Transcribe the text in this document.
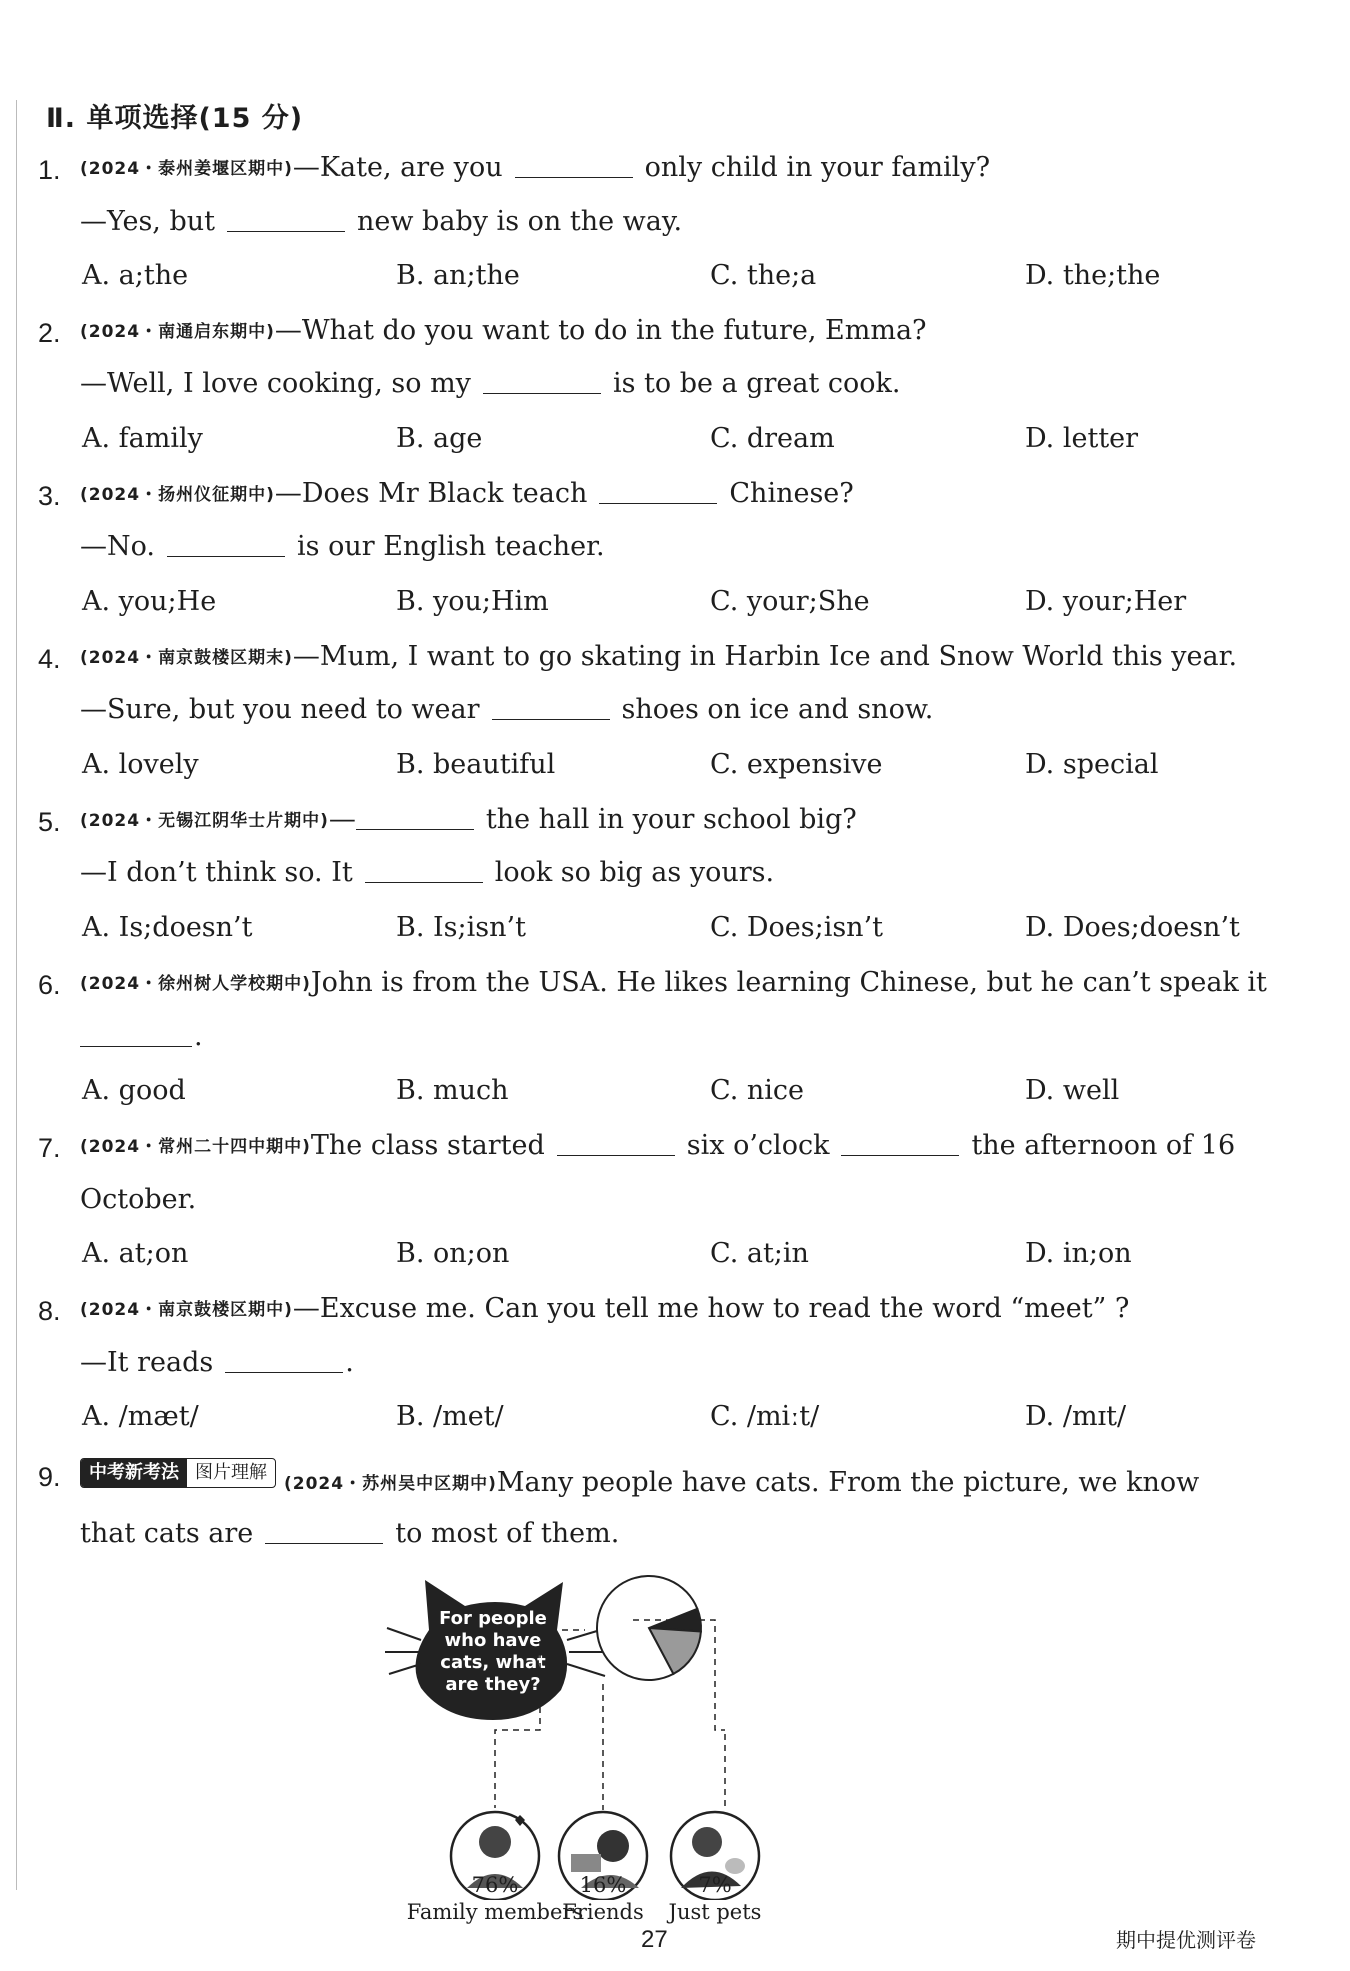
Ⅱ. 单项选择(15 分)
1. (2024・泰州姜堰区期中)—Kate, are you	only child in your family?
—Yes, but	new baby is on the way.
A. a;the	B. an;the	C. the;a	D. the;the
2. (2024・南通启东期中)—What do you want to do in the future, Emma?
—Well, I love cooking, so my	is to be a great cook.
A. family	B. age	C. dream	D. letter
3. (2024・扬州仪征期中)—Does Mr Black teach	Chinese?
—No.	is our English teacher.
A. you;He	B. you;Him	C. your;She	D. your;Her
4. (2024・南京鼓楼区期末)—Mum, I want to go skating in Harbin Ice and Snow World this year.
—Sure, but you need to wear	shoes on ice and snow.
A. lovely	B. beautiful	C. expensive	D. special
5. (2024・无锡江阴华士片期中)—	the hall in your school big?
—I don’t think so. It	look so big as yours.
A. Is;doesn’t	B. Is;isn’t	C. Does;isn’t	D. Does;doesn’t
6. (2024・徐州树人学校期中)John is from the USA. He likes learning Chinese, but he can’t speak it
.
A. good	B. much	C. nice	D. well
7. (2024・常州二十四中期中)The class started	six o’clock	the afternoon of 16
October.
A. at;on	B. on;on	C. at;in	D. in;on
8. (2024・南京鼓楼区期中)—Excuse me. Can you tell me how to read the word “meet” ?
—It reads	.
A. /mæt/	B. /met/	C. /miːt/	D. /mɪt/
9.	中考新考法 图片理解(2024・苏州吴中区期中)Many people have cats. From the picture, we know
that cats are	to most of them.
For people
who have
cats, what
are they?
76%
Family members
16%
Friends
7%
Just pets
27	期中提优测评卷
